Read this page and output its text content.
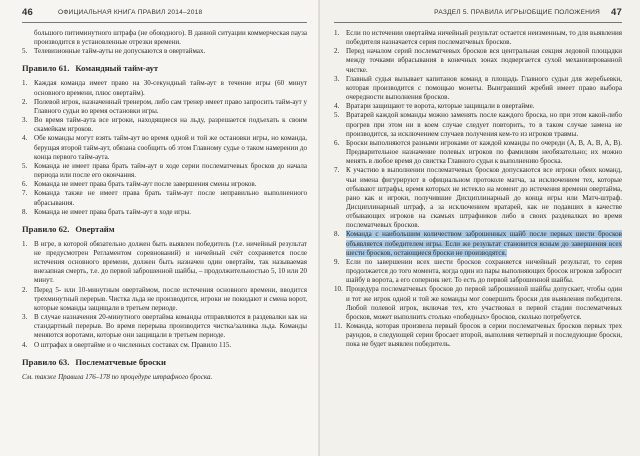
46	ОФИЦИАЛЬНАЯ КНИГА ПРАВИЛ 2014–2018
большого питиминутного штрафа (не обоюдного). В данной ситуации коммерческая пауза производится в установленные отрезки времени.
5. Телевизионные тайм-ауты не допускаются в овертаймах.
Правило 61. Командный тайм-аут
1. Каждая команда имеет право на 30-секундный тайм-аут в течение игры (60 минут основного времени, плюс овертайм).
2. Полевой игрок, назначенный тренером, либо сам тренер имеет право запросить тайм-аут у Главного судьи во время остановки игры.
3. Во время тайм-аута все игроки, находящиеся на льду, разрешается подъехать к своим скамейкам игроков.
4. Обе команды могут взять тайм-аут во время одной и той же остановки игры, но команда, берущая второй тайм-аут, обязана сообщить об этом Главному судье о таком намерении до конца первого тайм-аута.
5. Команда не имеет права брать тайм-аут в ходе серии послематчевых бросков до начала периода или после его окончания.
6. Команда не имеет права брать тайм-аут после завершения смены игроков.
7. Команда также не имеет права брать тайм-аут после неправильно выполненного вбрасывания.
8. Команда не имеет права брать тайм-аут в ходе игры.
Правило 62. Овертайм
1. В игре, в которой обязательно должен быть выявлен победитель (т.е. ничейный результат не предусмотрен Регламентом соревнований) и ничейный счёт сохраняется после истечения основного времени, должен быть назначен один овертайм, так называемая внезапная смерть, т.е. до первой заброшенной шайбы, – продолжительностью 5, 10 или 20 минут.
2. Перед 5- или 10-минутным овертаймом, после истечения основного времени, вводится трехминутный перерыв. Чистка льда не производится, игроки не покидают и смена ворот, которые команды защищали в третьем периоде.
3. В случае назначения 20-минутного овертайма команды отправляются в раздевалки как на стандартный перерыв. Во время перерыва производится чистка/заливка льда. Команды меняются воротами, которые они защищали в третьем периоде.
4. О штрафах в овертайме и о численных составах см. Правило 115.
Правило 63. Послематчевые броски
См. также Правила 176–178 по процедуре штрафного броска.
РАЗДЕЛ 5. ПРАВИЛА ИГРЫ/ОБЩИЕ ПОЛОЖЕНИЯ 47
1. Если по истечении овертайма ничейный результат остается неизменным, то для выявления победителя назначается серия послематчевых бросков.
2. Перед началом серий послематчевых бросков вся центральная секция ледовой площадки между точками вбрасывания в конечных зонах подвергается сухой механизированной чистке.
3. Главный судья вызывает капитанов команд в площадь Главного судьи для жеребьевки, которая производится с помощью монеты. Выигравший жребий имеет право выбора очередности выполнения бросков.
4. Вратари защищают те ворота, которые защищали в овертайме.
5. Вратарей каждой команды можно заменять после каждого броска, но при этом какой-либо прогрев при этом ни в коем случае следует повторить, то в таком случае замена не производится, за исключением случаев получения кем-то из игроков травмы.
6. Броски выполняются разными игроками от каждой команды по очереди (А, В, А, В, А, В). Предварительное назначение полевых игроков по фамилиям необязательно; их можно менять в любое время до свистка Главного судьи к выполнению броска.
7. К участию в выполнении послематчевых бросков допускаются все игроки обеих команд, чьи имена фигурируют в официальном протоколе матча, за исключением тех, которые отбывают штрафы, время которых не истекло на момент до истечения времени овертайма, рано как и игроки, получившие Дисциплинарный до конца игры или Матч-штраф. Дисциплинарный штраф, а за исключением вратарей, как не подавших в качестве отбывающих игроков на скамьях штрафников либо в своих раздевалках во время послематчевых бросков.
8. Команда с наибольшим количеством заброшенных шайб после первых шести бросков объявляется победителем игры. Если же результат становится ясным до завершения всех шести бросков, остающиеся броски не производятся.
9. Если по завершении всех шести бросков сохраняется ничейный результат, то серия продолжается до того момента, когда один из пары выполняющих бросок игроков забросит шайбу в ворота, а его соперник нет. То есть до первой заброшенной шайбы.
10. Процедура послематчевых бросков до первой заброшенной шайбы допускает, чтобы один и тот же игрок одной и той же команды мог совершить броски для выявления победителя. Любой полевой игрок, включая тех, кто участвовал в первой стадии послематчевых бросков, может выполнить столько «победных» бросков, сколько потребуется.
11. Команда, которая произвела первый бросок в серии послематчевых бросков первых трех раундов, в следующей серии бросает второй, выполняя четвертый и последующие броски, пока не будет выявлен победитель.
